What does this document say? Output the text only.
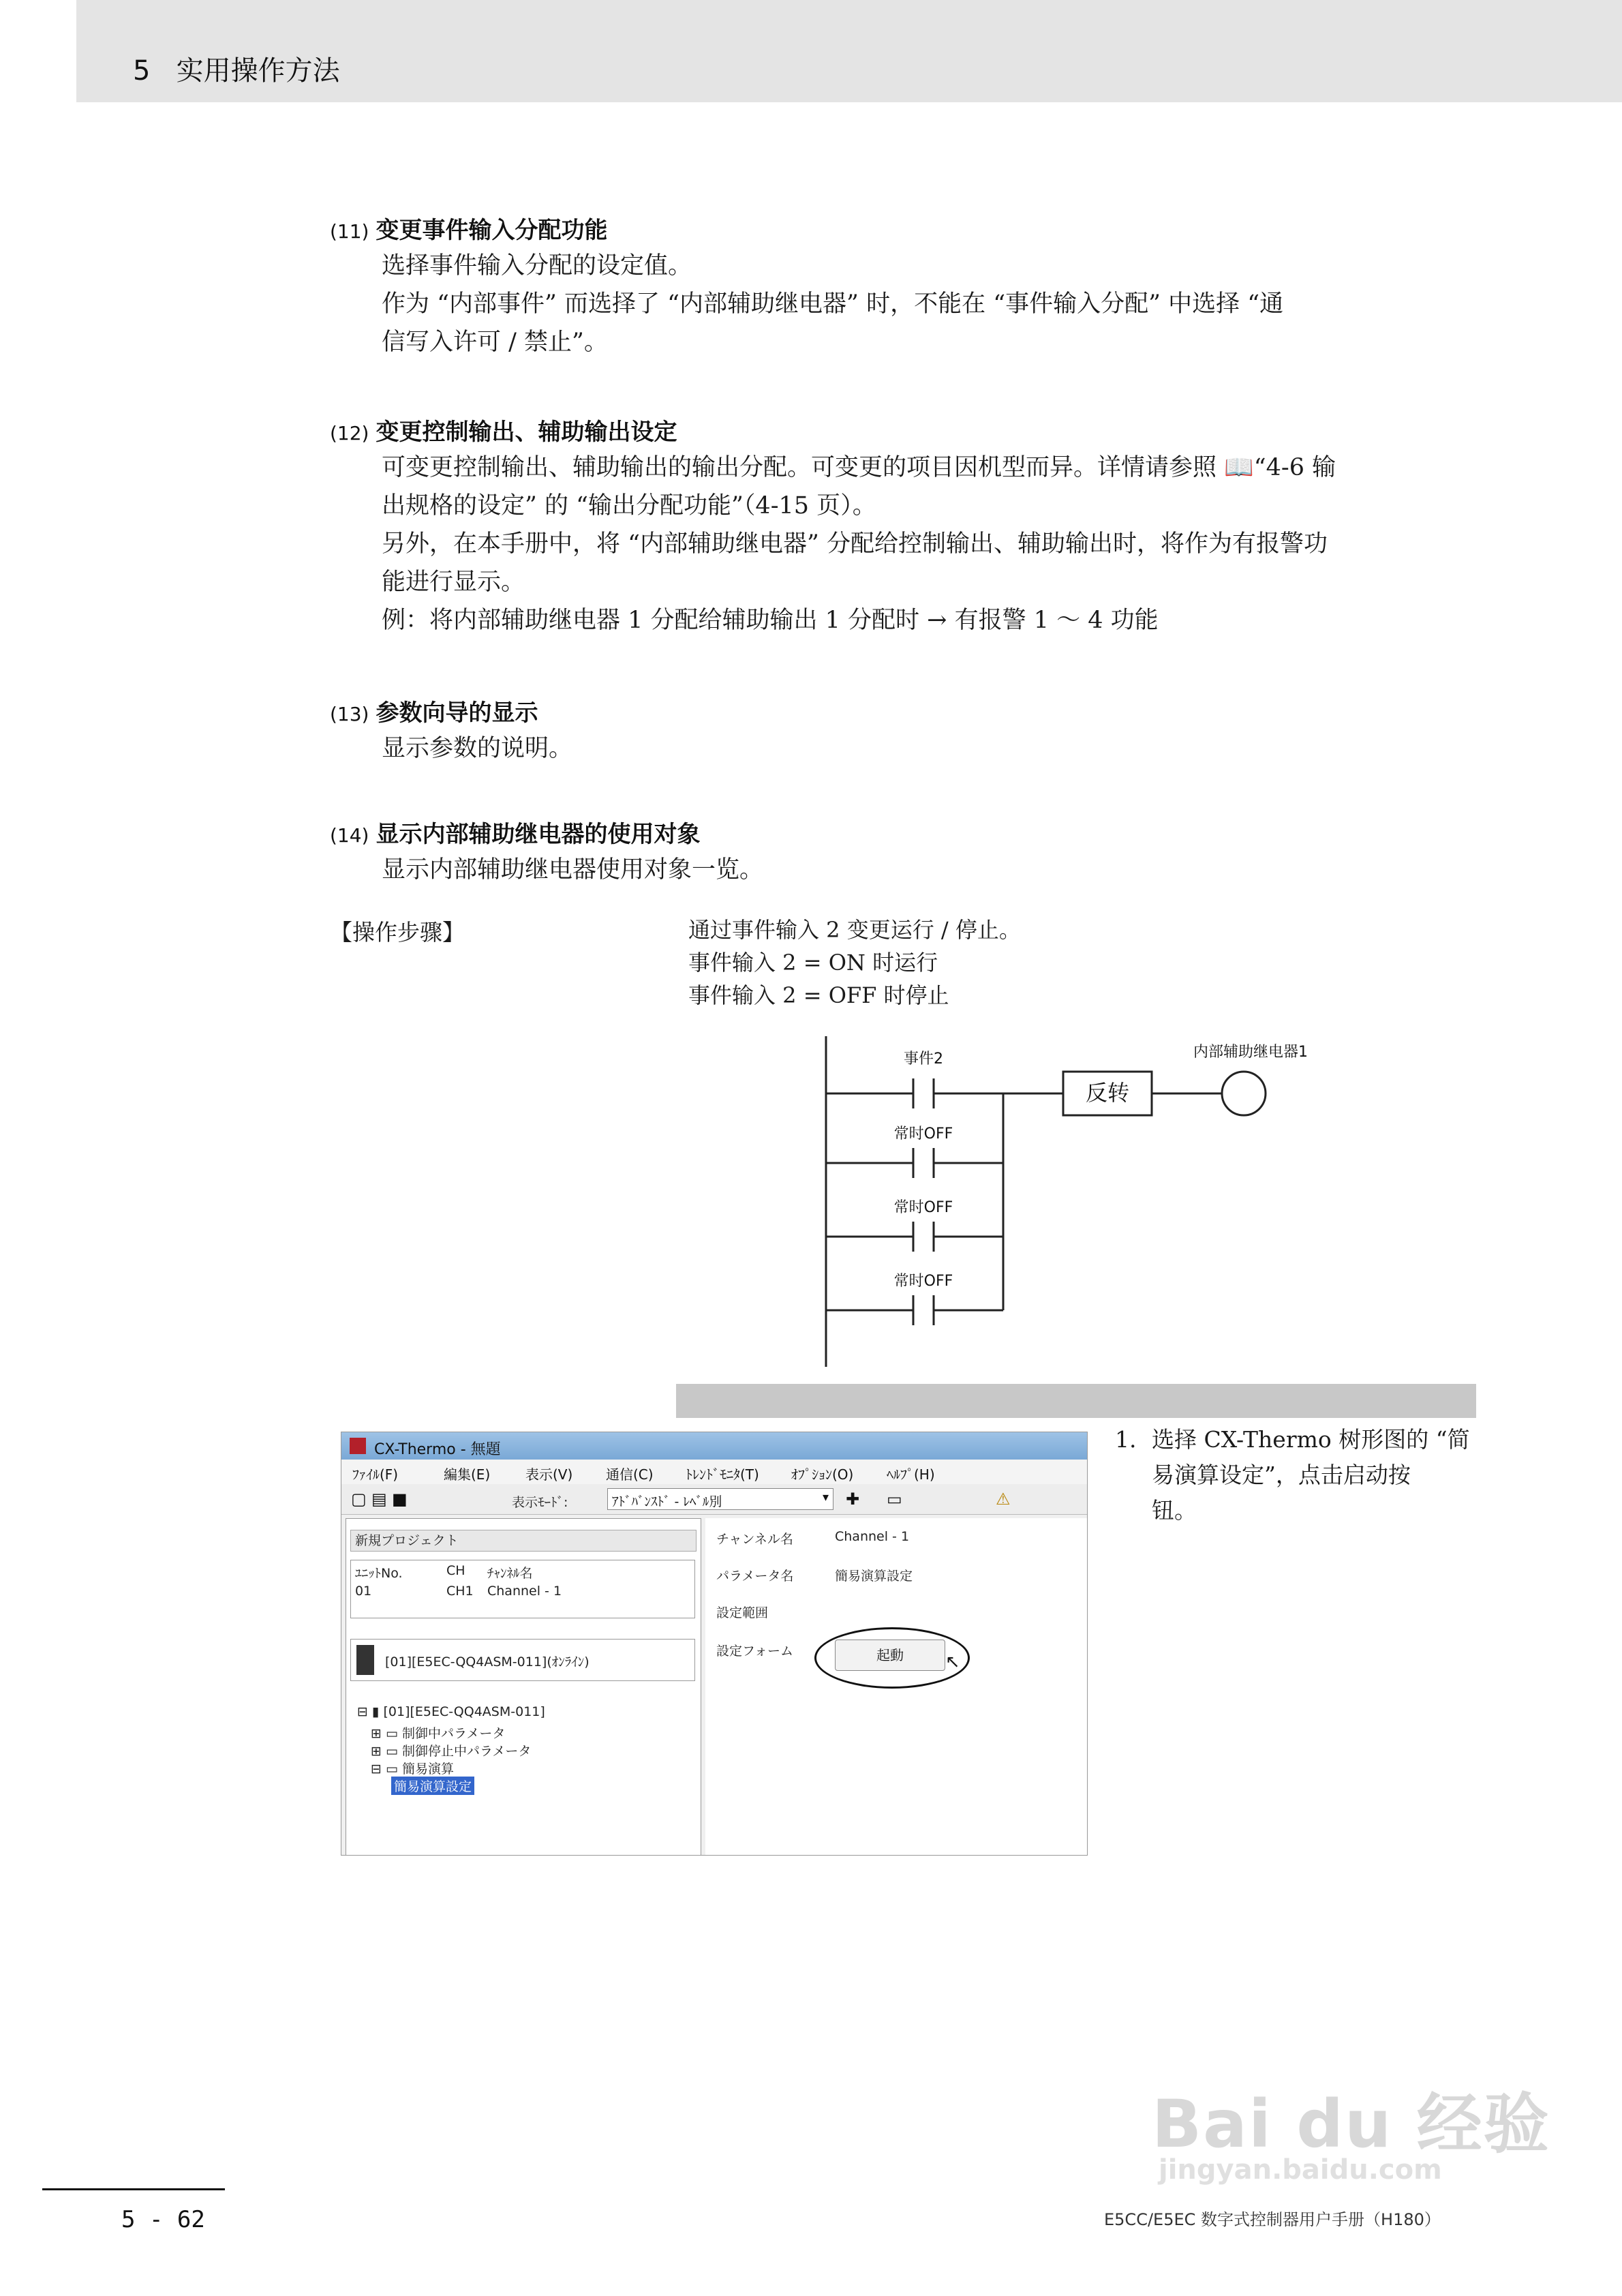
5 实用操作方法
(11) 变更事件输入分配功能
选择事件输入分配的设定值。
作为 “内部事件” 而选择了 “内部辅助继电器” 时，不能在 “事件输入分配” 中选择 “通
信写入许可 / 禁止”。
(12) 变更控制输出、辅助输出设定
可变更控制输出、辅助输出的输出分配。可变更的项目因机型而异。详情请参照 📖“4-6 输
出规格的设定” 的 “输出分配功能”（4-15 页）。
另外，在本手册中，将 “内部辅助继电器” 分配给控制输出、辅助输出时，将作为有报警功
能进行显示。
例：将内部辅助继电器 1 分配给辅助输出 1 分配时 → 有报警 1 ～ 4 功能
(13) 参数向导的显示
显示参数的说明。
(14) 显示内部辅助继电器的使用对象
显示内部辅助继电器使用对象一览。
【操作步骤】	通过事件输入 2 变更运行 / 停止。
事件输入 2 = ON 时运行
事件输入 2 = OFF 时停止
事件2
常时OFF
常时OFF
常时OFF
反转
内部辅助继电器1
CX-Thermo - 無題
ﾌｧｲﾙ(F)	編集(E)	表示(V) 通信(C) ﾄﾚﾝﾄﾞﾓﾆﾀ(T) ｵﾌﾟｼｮﾝ(O) ﾍﾙﾌﾟ(H)
▢ ▤ ■	表示ﾓｰﾄﾞ:	ｱﾄﾞﾊﾞﾝｽﾄﾞ - ﾚﾍﾞﾙ別	▾ ✚ ▭	⚠
新規プロジェクト
ﾕﾆｯﾄNo.	CH ﾁｬﾝﾈﾙ名
01	CH1 Channel - 1
[01][E5EC-QQ4ASM-011](ｵﾝﾗｲﾝ)
⊟ ▮ [01][E5EC-QQ4ASM-011]
⊞ ▭ 制御中パラメータ
⊞ ▭ 制御停止中パラメータ
⊟ ▭ 簡易演算
簡易演算設定
チャンネル名	Channel - 1
パラメータ名	簡易演算設定
設定範囲
設定フォーム	起動	↖
1. 选择 CX-Thermo 树形图的 “简
易演算设定”，点击启动按
钮。
Bai du 经验
jingyan.baidu.com
5 - 62	E5CC/E5EC 数字式控制器用户手册（H180）
